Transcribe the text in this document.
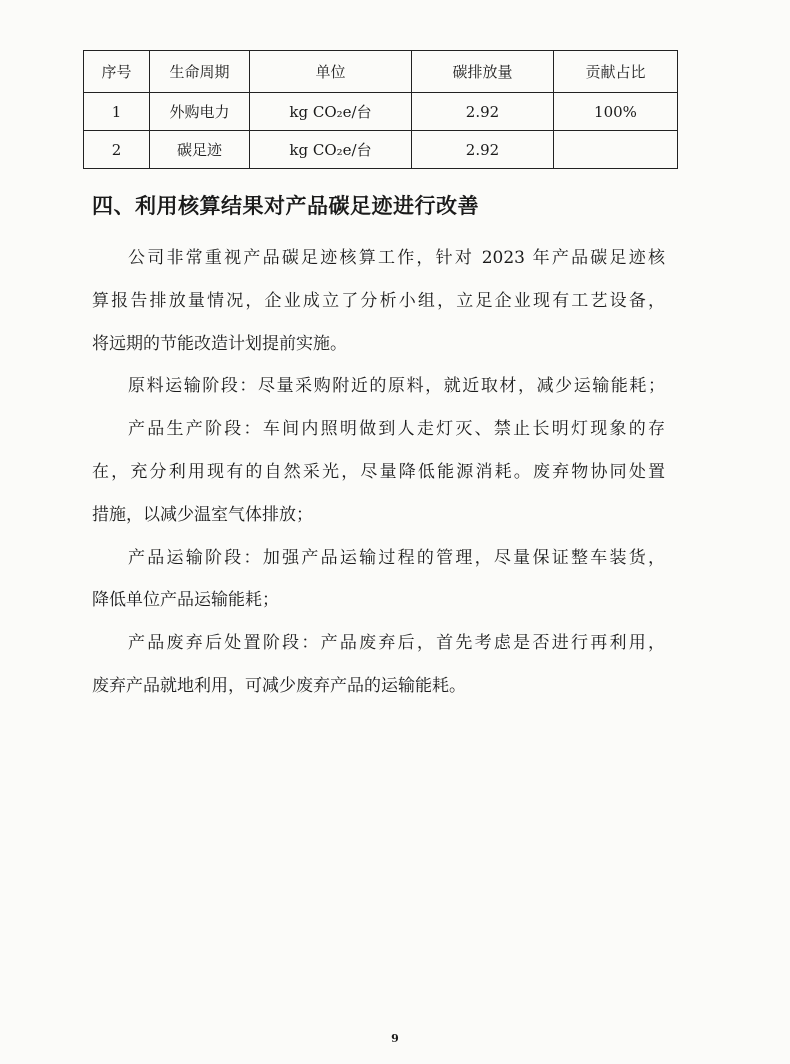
序号	生命周期	单位	碳排放量	贡献占比
1	外购电力	kg CO₂e/台	2.92	100%
2	碳足迹	kg CO₂e/台	2.92	
四、利用核算结果对产品碳足迹进行改善
公司非常重视产品碳足迹核算工作，针对 2023 年产品碳足迹核
算报告排放量情况，企业成立了分析小组，立足企业现有工艺设备，
将远期的节能改造计划提前实施。
原料运输阶段：尽量采购附近的原料，就近取材，减少运输能耗；
产品生产阶段：车间内照明做到人走灯灭、禁止长明灯现象的存
在，充分利用现有的自然采光，尽量降低能源消耗。废弃物协同处置
措施，以减少温室气体排放；
产品运输阶段：加强产品运输过程的管理，尽量保证整车装货，
降低单位产品运输能耗；
产品废弃后处置阶段：产品废弃后，首先考虑是否进行再利用，
废弃产品就地利用，可减少废弃产品的运输能耗。
9
